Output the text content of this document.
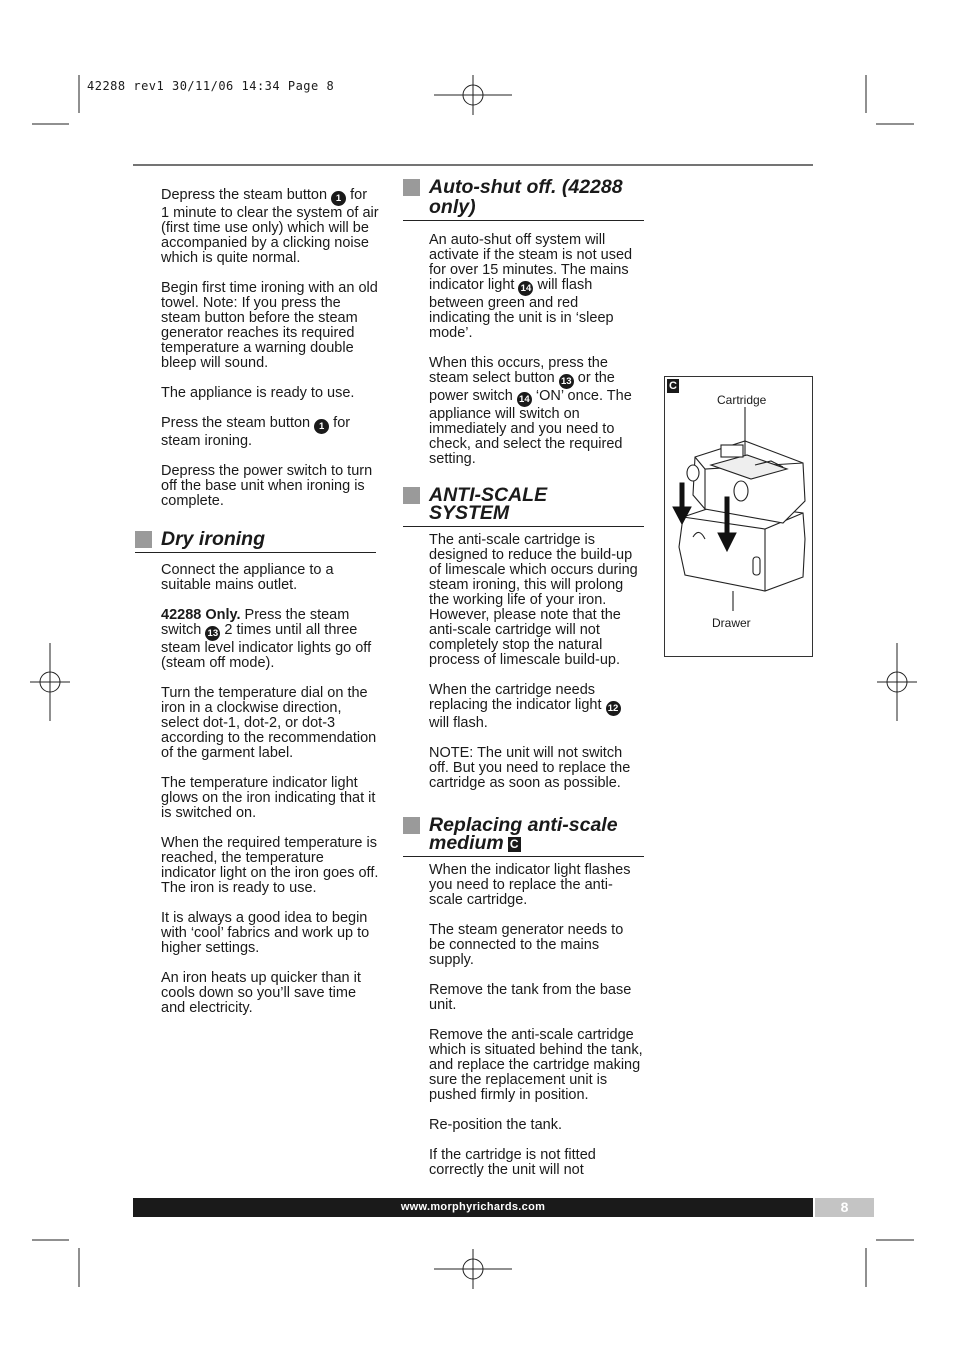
42288 rev1 30/11/06 14:34 Page 8

Depress the steam button 1 for 1 minute to clear the system of air (first time use only) which will be accompanied by a clicking noise which is quite normal.

Begin first time ironing with an old towel. Note: If you press the steam button before the steam generator reaches its required temperature a warning double bleep will sound.

The appliance is ready to use.

Press the steam button 1 for steam ironing.

Depress the power switch to turn off the base unit when ironing is complete.

Dry ironing

Connect the appliance to a suitable mains outlet.

42288 Only. Press the steam switch 13 2 times until all three steam level indicator lights go off (steam off mode).

Turn the temperature dial on the iron in a clockwise direction, select dot-1, dot-2, or dot-3 according to the recommendation of the garment label.

The temperature indicator light glows on the iron indicating that it is switched on.

When the required temperature is reached, the temperature indicator light on the iron goes off. The iron is ready to use.

It is always a good idea to begin with ‘cool’ fabrics and work up to higher settings.

An iron heats up quicker than it cools down so you’ll save time and electricity.

Auto-shut off. (42288 only)

An auto-shut off system will activate if the steam is not used for over 15 minutes. The mains indicator light 14 will flash between green and red indicating the unit is in ‘sleep mode’.

When this occurs, press the steam select button 13 or the power switch 14 ‘ON’ once. The appliance will switch on immediately and you need to check, and select the required setting.

ANTI-SCALE SYSTEM

The anti-scale cartridge is designed to reduce the build-up of limescale which occurs during steam ironing, this will prolong the working life of your iron. However, please note that the anti-scale cartridge will not completely stop the natural process of limescale build-up.

When the cartridge needs replacing the indicator light 12 will flash.

NOTE: The unit will not switch off. But you need to replace the cartridge as soon as possible.

Replacing anti-scale medium C

When the indicator light flashes you need to replace the anti-scale cartridge.

The steam generator needs to be connected to the mains supply.

Remove the tank from the base unit.

Remove the anti-scale cartridge which is situated behind the tank, and replace the cartridge making sure the replacement unit is pushed firmly in position.

Re-position the tank.

If the cartridge is not fitted correctly the unit will not

C
Cartridge
Drawer
www.morphyrichards.com	8
